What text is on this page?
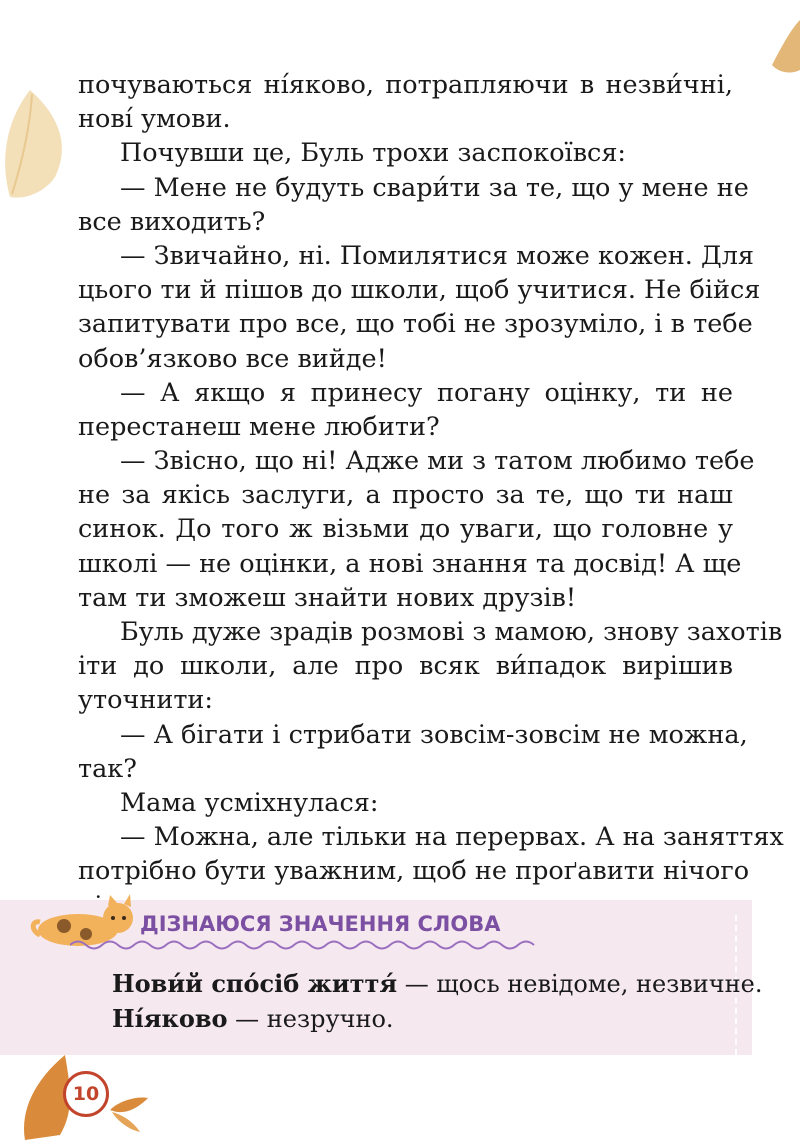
почуваються ні́яково, потрапляючи в незви́чні,
нові́ умови.
Почувши це, Буль трохи заспокоївся:
— Мене не будуть свари́ти за те, що у мене не
все виходить?
— Звичайно, ні. Помилятися може кожен. Для
цього ти й пішов до школи, щоб учитися. Не бійся
запитувати про все, що тобі не зрозуміло, і в тебе
обов’язково все вийде!
— А якщо я принесу погану оцінку, ти не
перестанеш мене любити?
— Звісно, що ні! Адже ми з татом любимо тебе
не за якісь заслуги, а просто за те, що ти наш
синок. До того ж візьми до уваги, що головне у
школі — не оцінки, а нові знання та досвід! А ще
там ти зможеш знайти нових друзів!
Буль дуже зрадів розмові з мамою, знову захотів
іти до школи, але про всяк ви́падок вирішив
уточнити:
— А бігати і стрибати зовсім-зовсім не можна,
так?
Мама усміхнулася:
— Можна, але тільки на перервах. А на заняттях
потрібно бути уважним, щоб не проґавити нічого
ДІЗНАЮСЯ ЗНАЧЕННЯ СЛОВА
Нови́й спо́сіб життя́ — щось невідоме, незвичне.
Ні́яково — незручно.
10
